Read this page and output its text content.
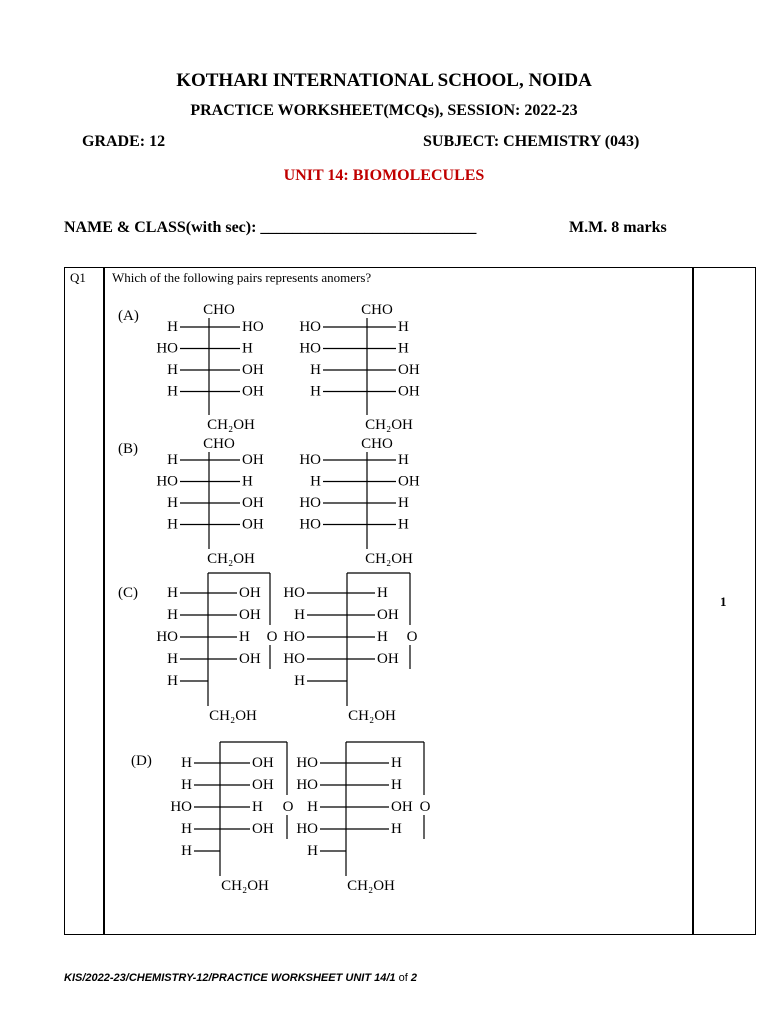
KOTHARI INTERNATIONAL SCHOOL, NOIDA
PRACTICE WORKSHEET(MCQs), SESSION: 2022-23
GRADE: 12	SUBJECT: CHEMISTRY (043)
UNIT 14: BIOMOLECULES
NAME & CLASS(with sec): ___________________________	M.M. 8 marks
Q1 Which of the following pairs represents anomers?
1
(A)	CHO
H	HO
HO	H
H	OH
H	OH
CH₂OH
CHO
HO	H
HO	H
H	OH
H	OH
CH₂OH
(B)	CHO
H	OH
HO	H
H	OH
H	OH
CH₂OH
CHO
HO	H
H	OH
HO	H
HO	H
CH₂OH
(C)
O
H	OH
H	OH
HO	H
H	OH
H
CH₂OH
O
HO	H
H	OH
HO	H
HO	OH
H
CH₂OH
(D)
O
H	OH
H	OH
HO	H
H	OH
H
CH₂OH
O
HO	H
HO	H
H	OH
HO	H
H
CH₂OH
KIS/2022-23/CHEMISTRY-12/PRACTICE WORKSHEET UNIT 14/1 of 2
